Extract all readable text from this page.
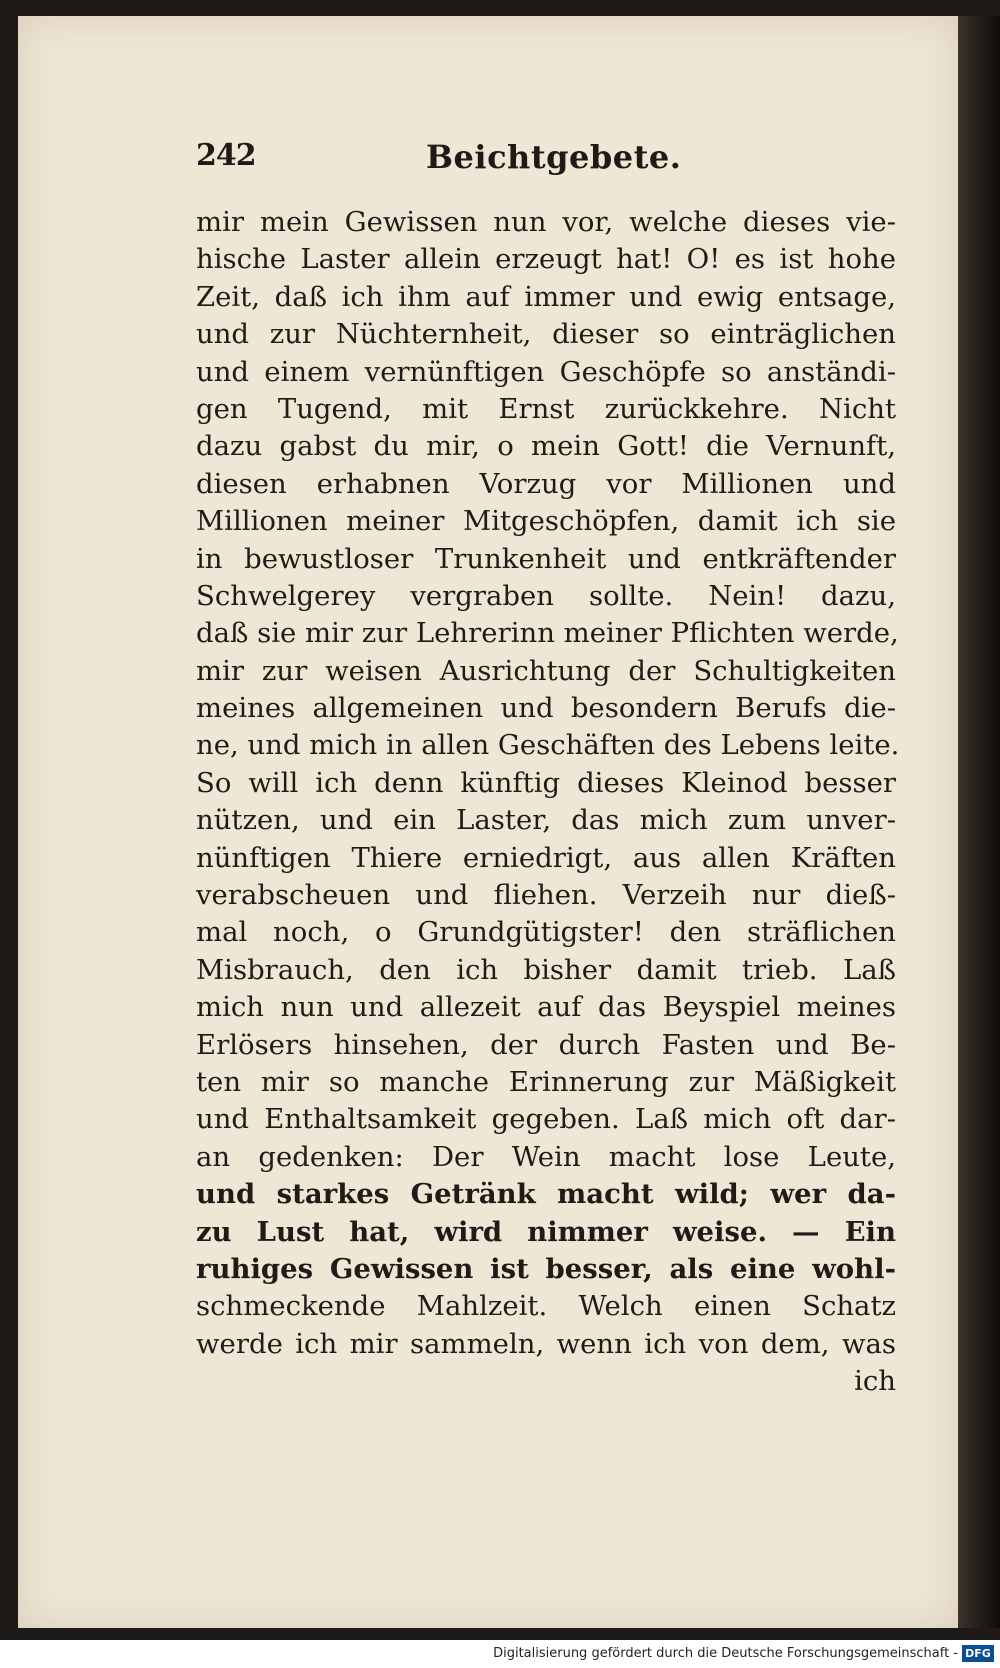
242	Beichtgebete.
mir mein Gewissen nun vor, welche dieses vie-
hische Laster allein erzeugt hat! O! es ist hohe
Zeit, daß ich ihm auf immer und ewig entsage,
und zur Nüchternheit, dieser so einträglichen
und einem vernünftigen Geschöpfe so anständi-
gen Tugend, mit Ernst zurückkehre. Nicht
dazu gabst du mir, o mein Gott! die Vernunft,
diesen erhabnen Vorzug vor Millionen und
Millionen meiner Mitgeschöpfen, damit ich sie
in bewustloser Trunkenheit und entkräftender
Schwelgerey vergraben sollte. Nein! dazu,
daß sie mir zur Lehrerinn meiner Pflichten werde,
mir zur weisen Ausrichtung der Schultigkeiten
meines allgemeinen und besondern Berufs die-
ne, und mich in allen Geschäften des Lebens leite.
So will ich denn künftig dieses Kleinod besser
nützen, und ein Laster, das mich zum unver-
nünftigen Thiere erniedrigt, aus allen Kräften
verabscheuen und fliehen. Verzeih nur dieß-
mal noch, o Grundgütigster! den sträflichen
Misbrauch, den ich bisher damit trieb. Laß
mich nun und allezeit auf das Beyspiel meines
Erlösers hinsehen, der durch Fasten und Be-
ten mir so manche Erinnerung zur Mäßigkeit
und Enthaltsamkeit gegeben. Laß mich oft dar-
an gedenken: Der Wein macht lose Leute,
und starkes Getränk macht wild; wer da-
zu Lust hat, wird nimmer weise. — Ein
ruhiges Gewissen ist besser, als eine wohl-
schmeckende Mahlzeit. Welch einen Schatz
werde ich mir sammeln, wenn ich von dem, was
ich
Digitalisierung gefördert durch die Deutsche Forschungsgemeinschaft - DFG
